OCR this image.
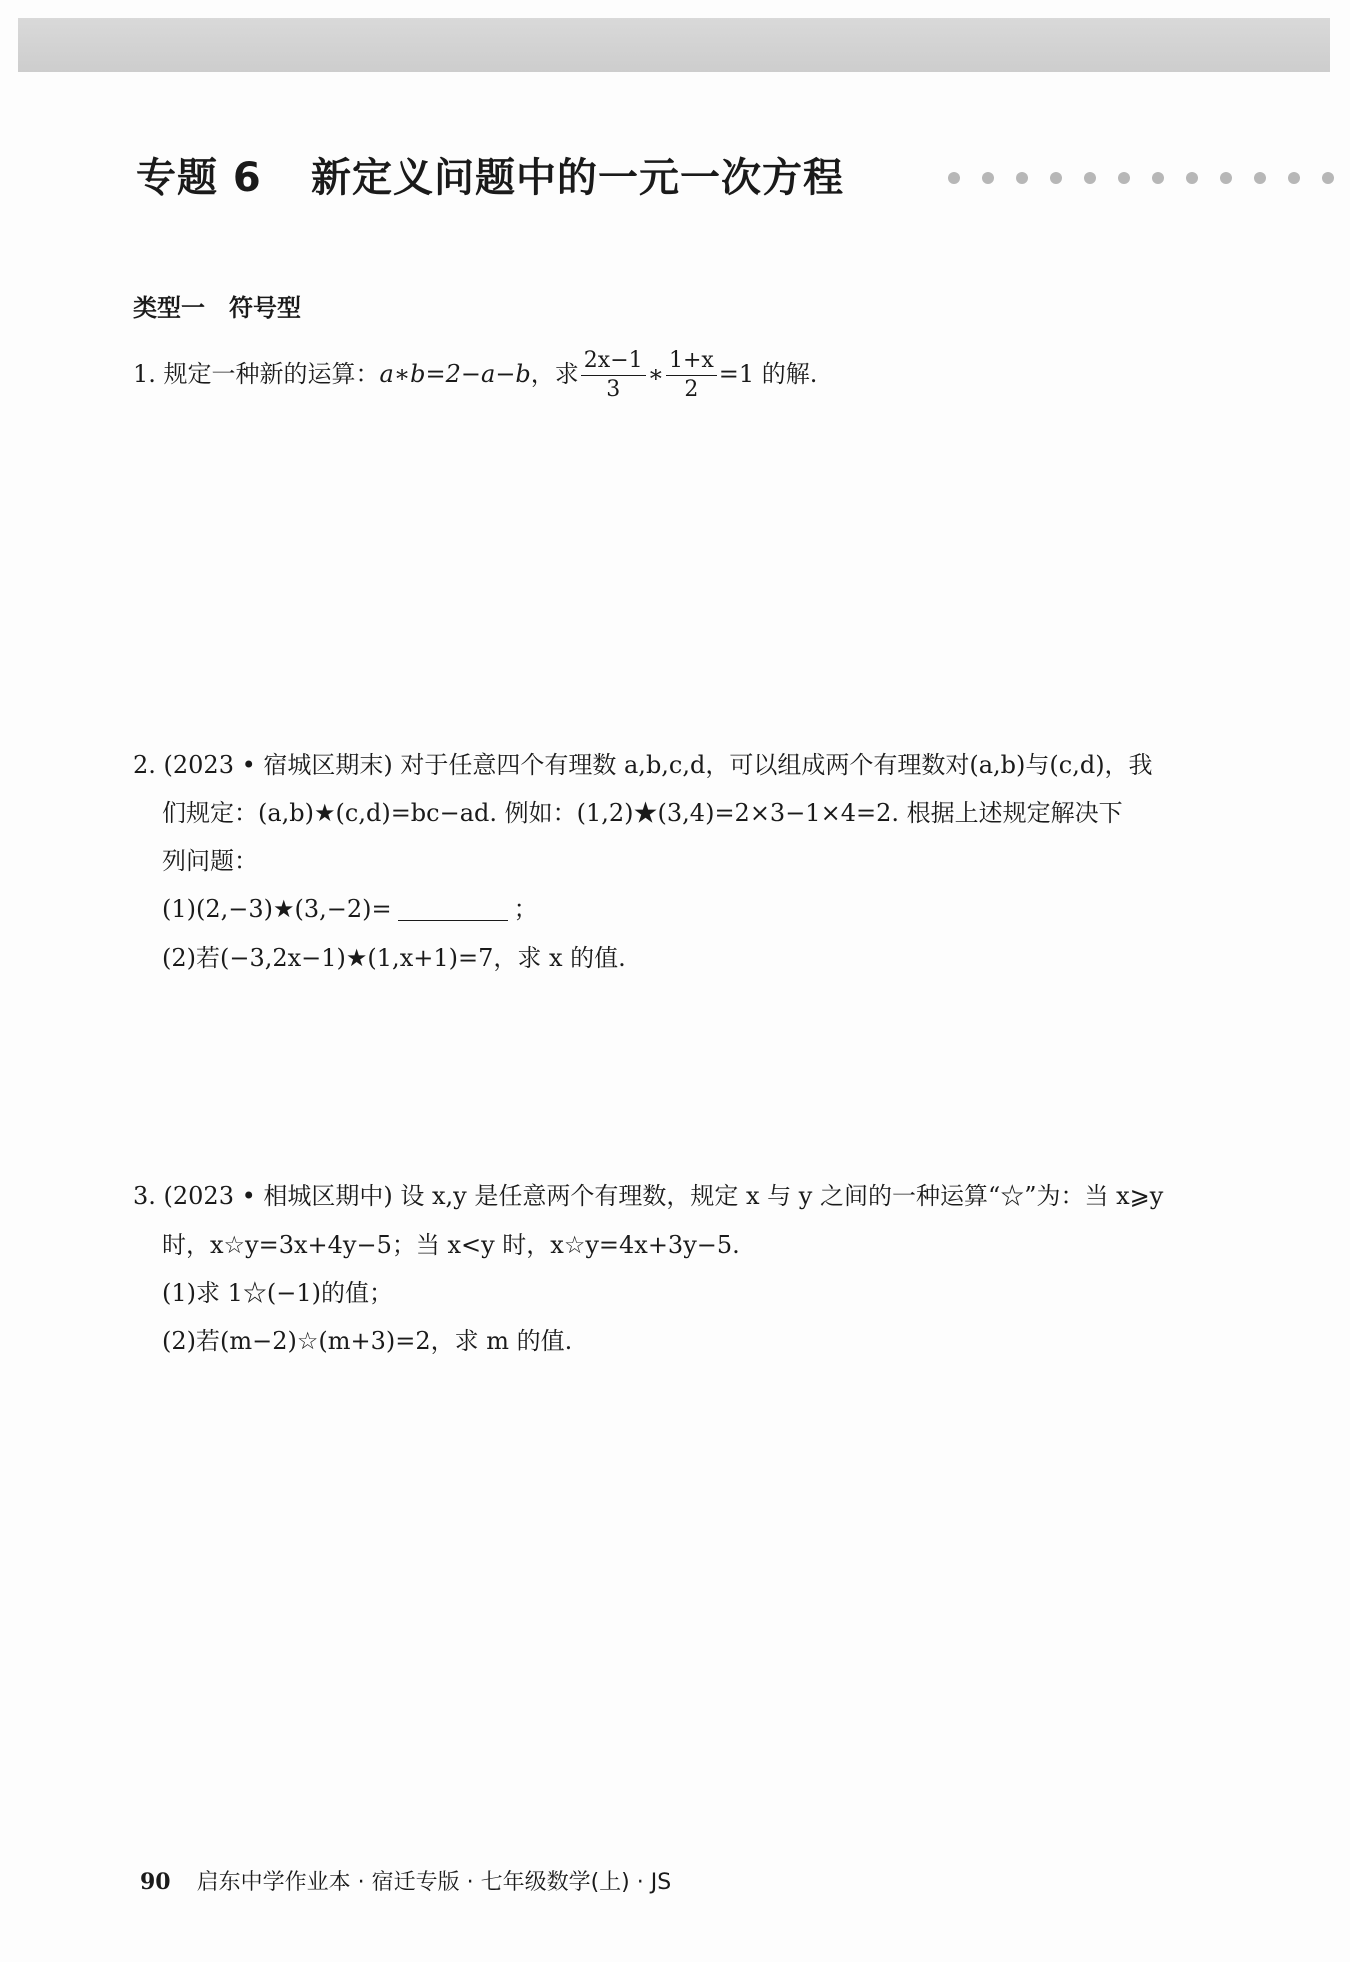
专题 6 新定义问题中的一元一次方程
类型一 符号型
1. 规定一种新的运算：a∗b=2−a−b，求 $\frac{2x-1}{3}$ ∗ $\frac{1+x}{2} =1$ 的解.
2. (2023 • 宿城区期末) 对于任意四个有理数 a,b,c,d，可以组成两个有理数对(a,b)与(c,d)，我
们规定：(a,b)★(c,d)=bc−ad. 例如：(1,2)★(3,4)=2×3−1×4=2. 根据上述规定解决下
列问题：
(1)(2,−3)★(3,−2)=	；
(2)若(−3,2x−1)★(1,x+1)=7，求 x 的值.
3. (2023 • 相城区期中) 设 x,y 是任意两个有理数，规定 x 与 y 之间的一种运算“☆”为：当 x⩾y
时，x☆y=3x+4y−5；当 x<y 时，x☆y=4x+3y−5.
(1)求 1☆(−1)的值；
(2)若(m−2)☆(m+3)=2，求 m 的值.
90 启东中学作业本 · 宿迁专版 · 七年级数学(上) · JS
